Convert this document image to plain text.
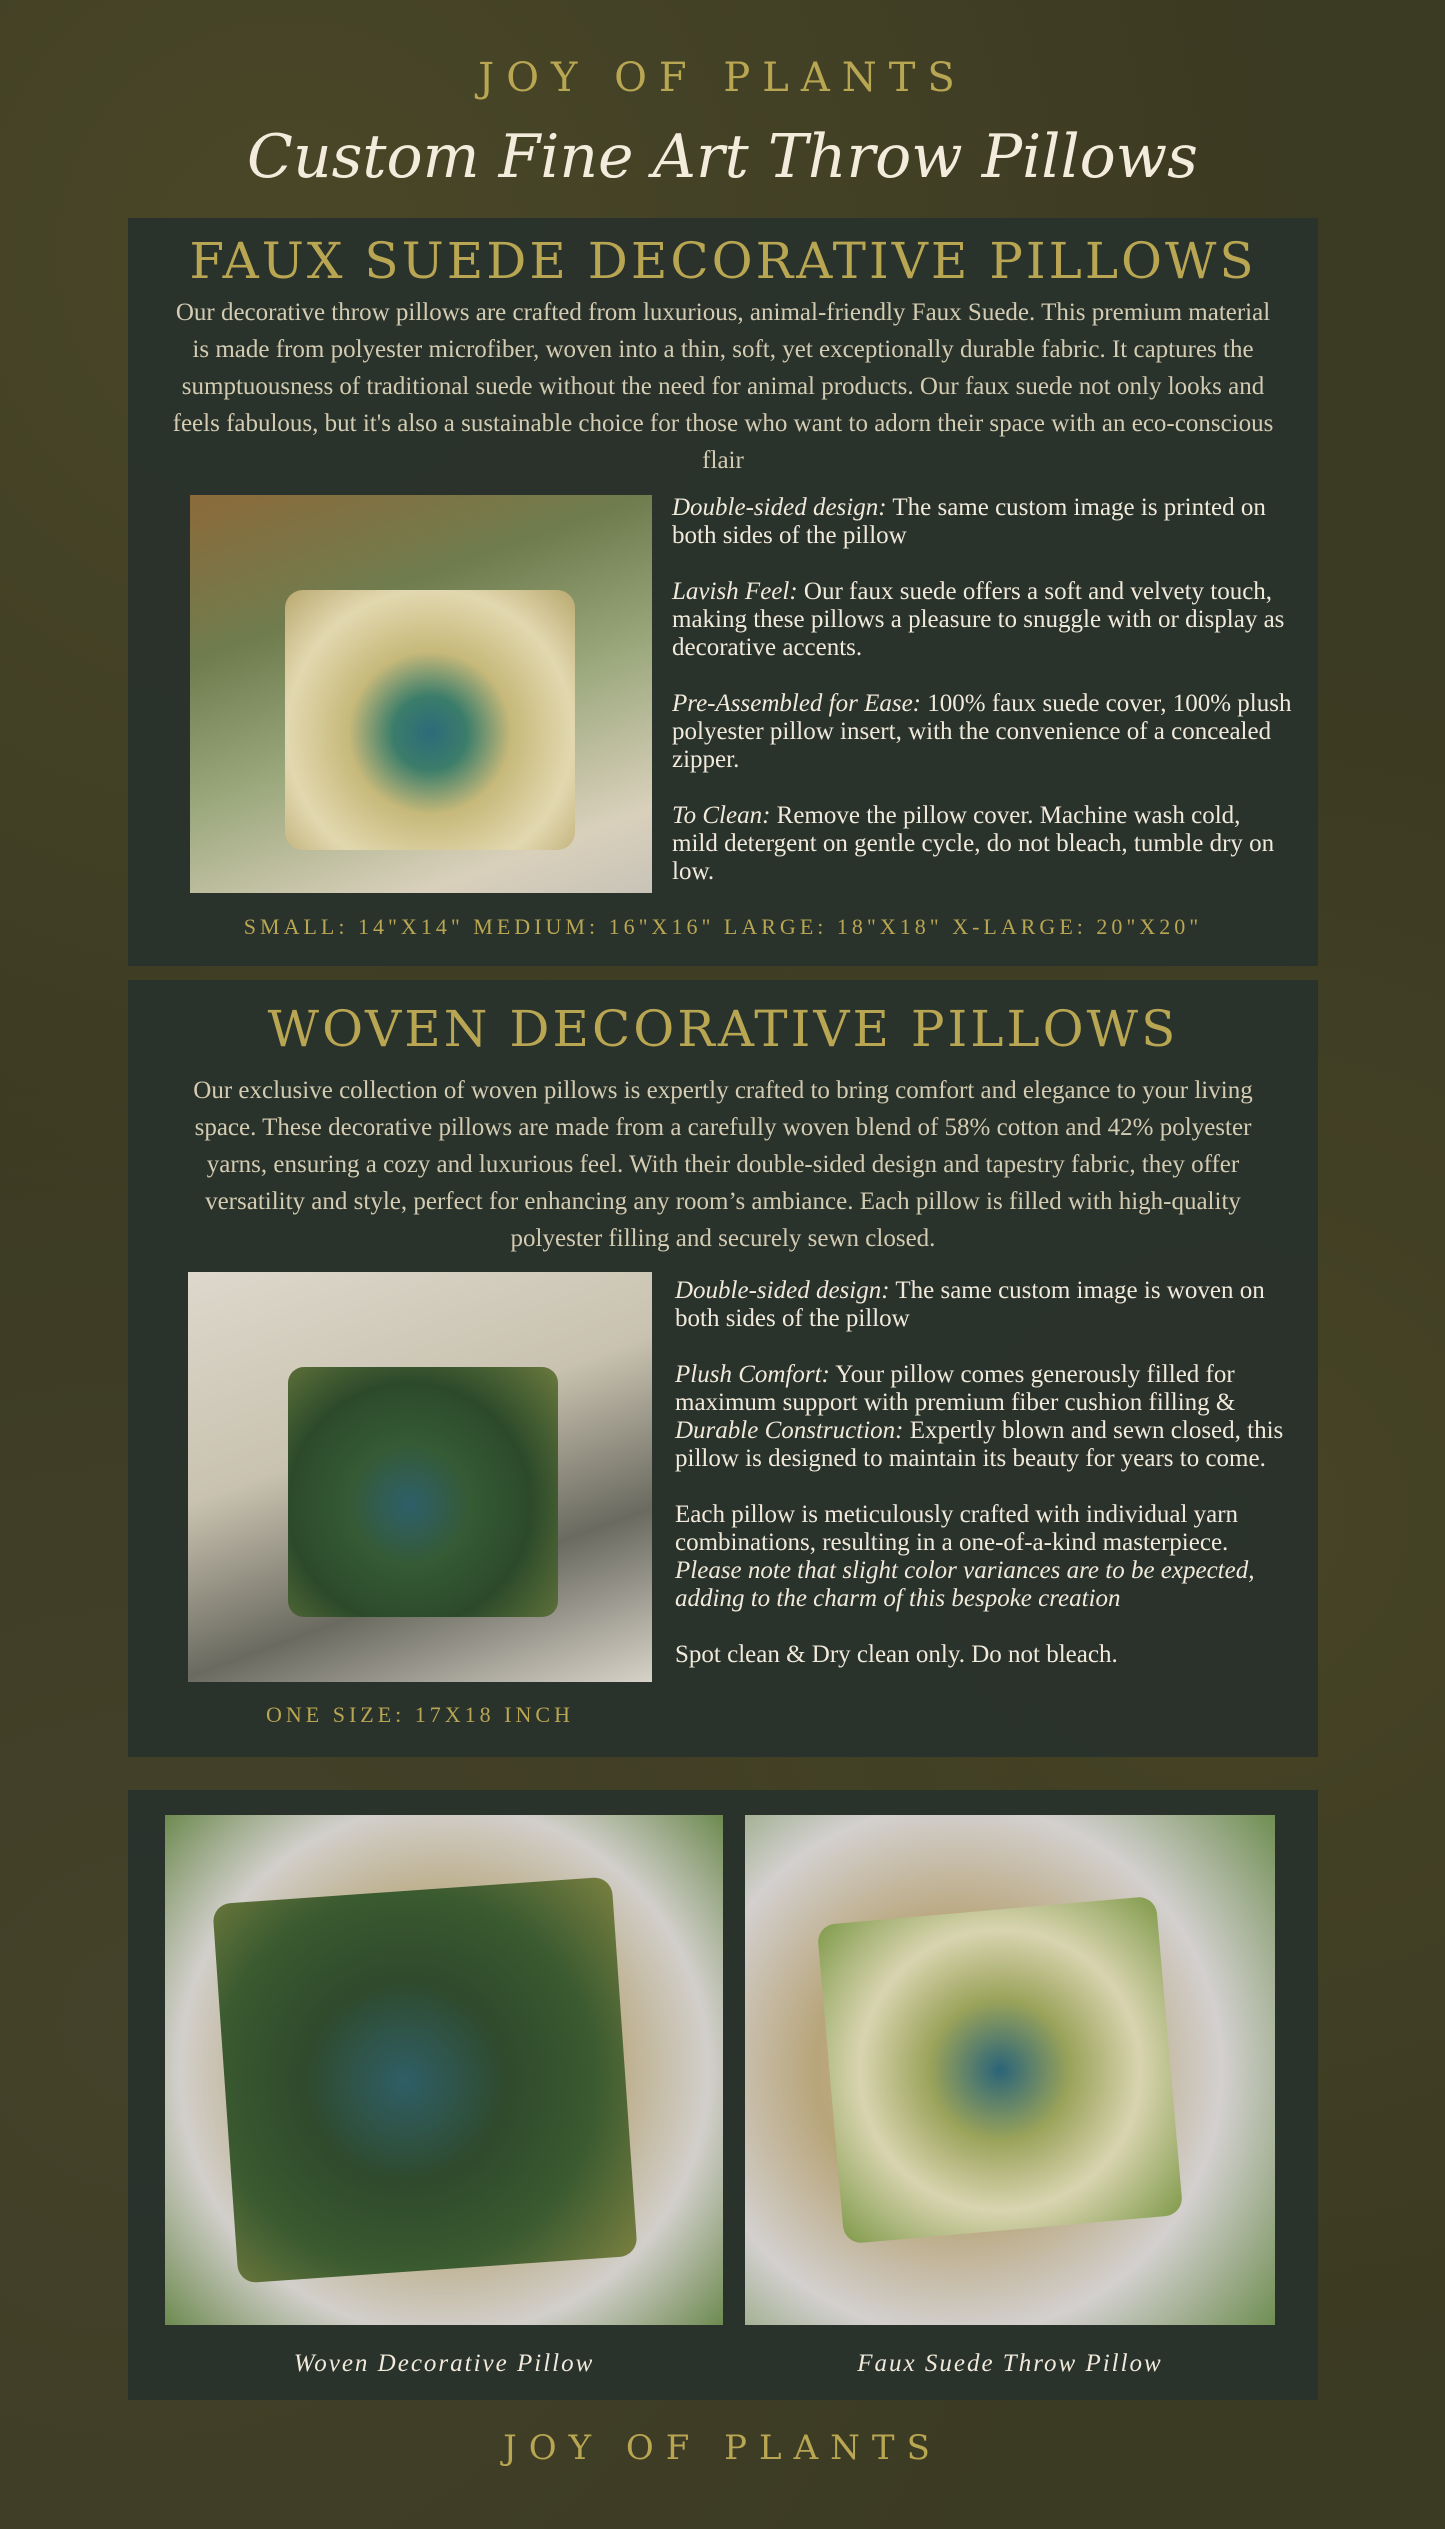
JOY OF PLANTS
Custom Fine Art Throw Pillows
FAUX SUEDE DECORATIVE PILLOWS
Our decorative throw pillows are crafted from luxurious, animal-friendly Faux Suede. This premium material is made from polyester microfiber, woven into a thin, soft, yet exceptionally durable fabric. It captures the sumptuousness of traditional suede without the need for animal products. Our faux suede not only looks and feels fabulous, but it's also a sustainable choice for those who want to adorn their space with an eco-conscious flair

Double-sided design: The same custom image is printed on both sides of the pillow

Lavish Feel: Our faux suede offers a soft and velvety touch, making these pillows a pleasure to snuggle with or display as decorative accents.

Pre-Assembled for Ease: 100% faux suede cover, 100% plush polyester pillow insert, with the convenience of a concealed zipper.

To Clean: Remove the pillow cover. Machine wash cold, mild detergent on gentle cycle, do not bleach, tumble dry on low.

SMALL: 14"X14" MEDIUM: 16"X16" LARGE: 18"X18" X-LARGE: 20"X20"
WOVEN DECORATIVE PILLOWS
Our exclusive collection of woven pillows is expertly crafted to bring comfort and elegance to your living space. These decorative pillows are made from a carefully woven blend of 58% cotton and 42% polyester yarns, ensuring a cozy and luxurious feel. With their double-sided design and tapestry fabric, they offer versatility and style, perfect for enhancing any room’s ambiance. Each pillow is filled with high-quality polyester filling and securely sewn closed.

Double-sided design: The same custom image is woven on both sides of the pillow

Plush Comfort: Your pillow comes generously filled for maximum support with premium fiber cushion filling & Durable Construction: Expertly blown and sewn closed, this pillow is designed to maintain its beauty for years to come.

Each pillow is meticulously crafted with individual yarn combinations, resulting in a one-of-a-kind masterpiece. Please note that slight color variances are to be expected, adding to the charm of this bespoke creation

Spot clean & Dry clean only. Do not bleach.

ONE SIZE: 17X18 INCH
Woven Decorative Pillow	Faux Suede Throw Pillow
JOY OF PLANTS
